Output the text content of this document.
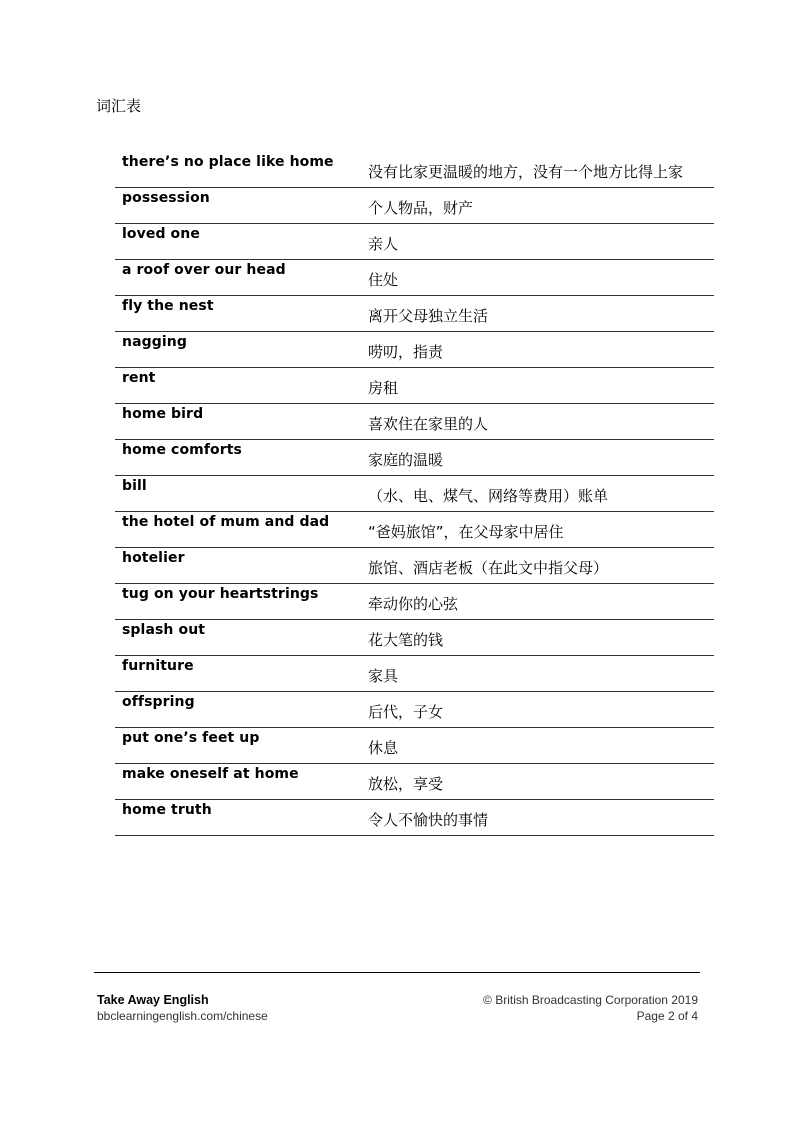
词汇表
there’s no place like home
没有比家更温暖的地方，没有一个地方比得上家
possession
个人物品，财产
loved one
亲人
a roof over our head
住处
fly the nest
离开父母独立生活
nagging
唠叨，指责
rent
房租
home bird
喜欢住在家里的人
home comforts
家庭的温暖
bill
（水、电、煤气、网络等费用）账单
the hotel of mum and dad
“爸妈旅馆”，在父母家中居住
hotelier
旅馆、酒店老板（在此文中指父母）
tug on your heartstrings
牵动你的心弦
splash out
花大笔的钱
furniture
家具
offspring
后代，子女
put one’s feet up
休息
make oneself at home
放松，享受
home truth
令人不愉快的事情
Take Away English
bbclearningenglish.com/chinese
© British Broadcasting Corporation 2019
Page 2 of 4
